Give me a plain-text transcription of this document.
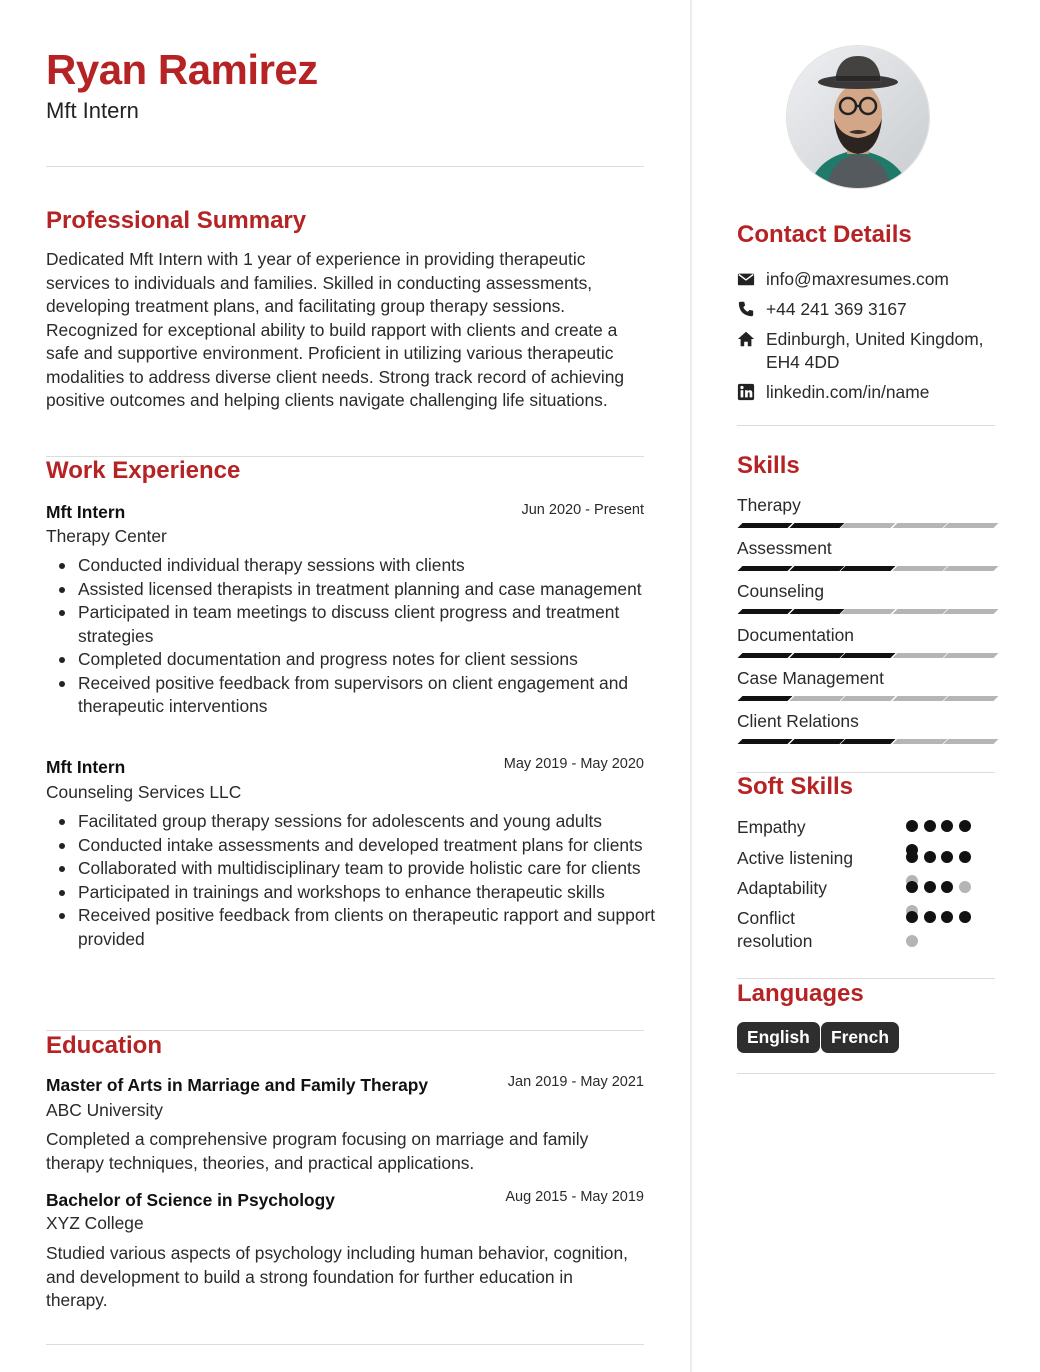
Ryan Ramirez
Mft Intern
Professional Summary
Dedicated Mft Intern with 1 year of experience in providing therapeutic services to individuals and families. Skilled in conducting assessments, developing treatment plans, and facilitating group therapy sessions. Recognized for exceptional ability to build rapport with clients and create a safe and supportive environment. Proficient in utilizing various therapeutic modalities to address diverse client needs. Strong track record of achieving positive outcomes and helping clients navigate challenging life situations.
Work Experience
Mft Intern	Jun 2020 - Present
Therapy Center
Conducted individual therapy sessions with clients
Assisted licensed therapists in treatment planning and case management
Participated in team meetings to discuss client progress and treatment strategies
Completed documentation and progress notes for client sessions
Received positive feedback from supervisors on client engagement and therapeutic interventions
Mft Intern	May 2019 - May 2020
Counseling Services LLC
Facilitated group therapy sessions for adolescents and young adults
Conducted intake assessments and developed treatment plans for clients
Collaborated with multidisciplinary team to provide holistic care for clients
Participated in trainings and workshops to enhance therapeutic skills
Received positive feedback from clients on therapeutic rapport and support provided
Education
Master of Arts in Marriage and Family Therapy	Jan 2019 - May 2021
ABC University
Completed a comprehensive program focusing on marriage and family therapy techniques, theories, and practical applications.
Bachelor of Science in Psychology	Aug 2015 - May 2019
XYZ College
Studied various aspects of psychology including human behavior, cognition, and development to build a strong foundation for further education in therapy.
Contact Details
info@maxresumes.com
+44 241 369 3167
Edinburgh, United Kingdom, EH4 4DD
linkedin.com/in/name
Skills
Therapy
Assessment
Counseling
Documentation
Case Management
Client Relations
Soft Skills
Empathy
Active listening
Adaptability
Conflict resolution
Languages
English	French
